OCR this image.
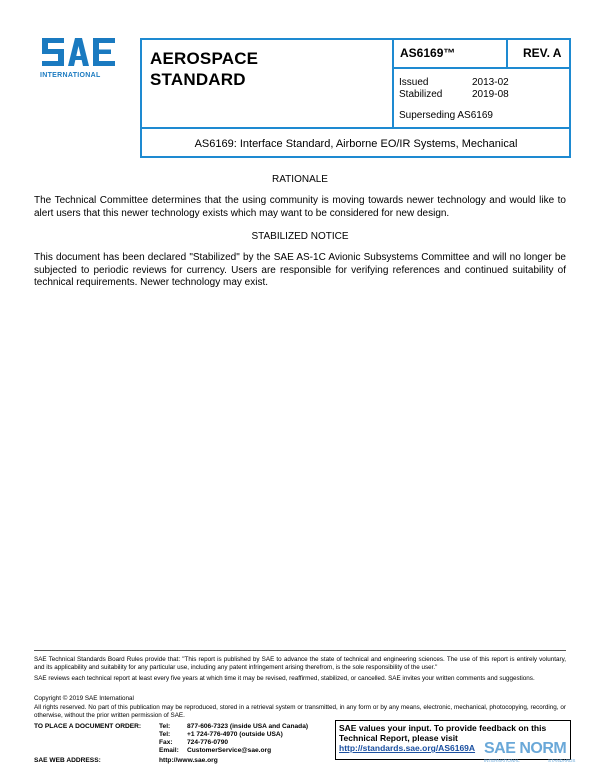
INTERNATIONAL
AEROSPACE
STANDARD
AS6169™	REV. A
Issued	2013-02
Stabilized	2019-08
Superseding AS6169
AS6169: Interface Standard, Airborne EO/IR Systems, Mechanical
RATIONALE
The Technical Committee determines that the using community is moving towards newer technology and would like to alert users that this newer technology exists which may want to be considered for new design.
STABILIZED NOTICE
This document has been declared "Stabilized" by the SAE AS-1C Avionic Subsystems Committee and will no longer be subjected to periodic reviews for currency. Users are responsible for verifying references and continued suitability of technical requirements. Newer technology may exist.
SAE Technical Standards Board Rules provide that: "This report is published by SAE to advance the state of technical and engineering sciences. The use of this report is entirely voluntary, and its applicability and suitability for any particular use, including any patent infringement arising therefrom, is the sole responsibility of the user."
SAE reviews each technical report at least every five years at which time it may be revised, reaffirmed, stabilized, or cancelled. SAE invites your written comments and suggestions.
Copyright © 2019 SAE International
All rights reserved. No part of this publication may be reproduced, stored in a retrieval system or transmitted, in any form or by any means, electronic, mechanical, photocopying, recording, or otherwise, without the prior written permission of SAE.
TO PLACE A DOCUMENT ORDER:	Tel:	877-606-7323 (inside USA and Canada)
Tel:	+1 724-776-4970 (outside USA)
Fax: 724-776-0790
Email: CustomerService@sae.org
SAE WEB ADDRESS:	http://www.sae.org
SAE values your input. To provide feedback on this
Technical Report, please visit
http://standards.sae.org/AS6169A SAE NORM
INTERNATIONAL	STANDARDS
